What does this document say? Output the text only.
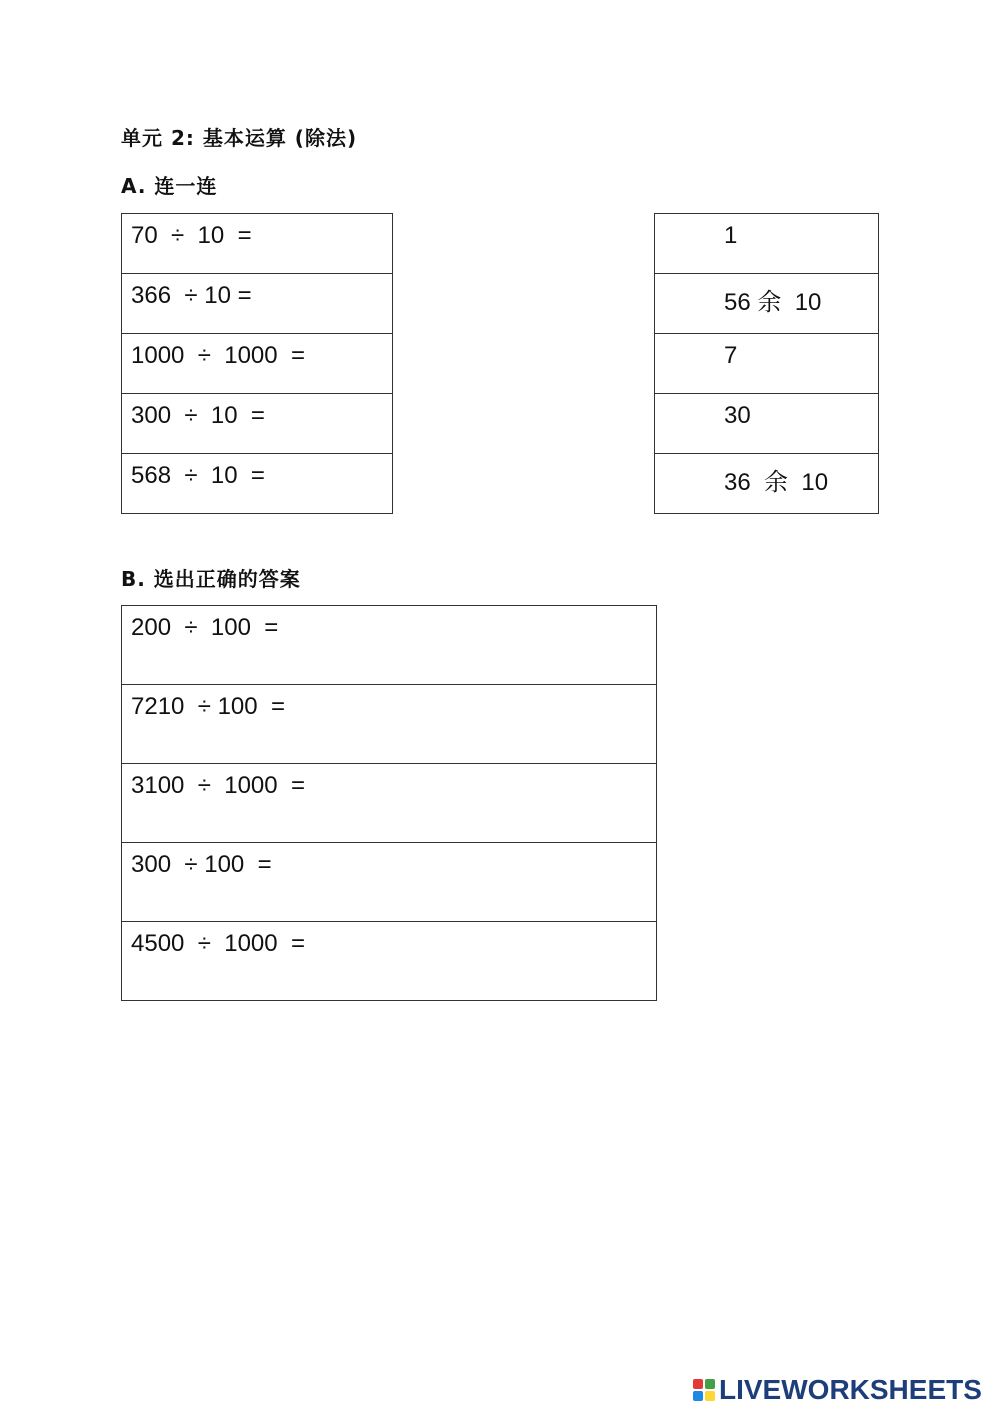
单元 2: 基本运算 (除法)
A. 连一连
70  ÷  10  =

366  ÷ 10 =

1000  ÷  1000  =

300  ÷  10  =

568  ÷  10  =
1

56 余  10

7

30

36  余  10
B. 选出正确的答案
200  ÷  100  =

7210  ÷ 100  =

3100  ÷  1000  =

300  ÷ 100  =

4500  ÷  1000  =
LIVEWORKSHEETS
